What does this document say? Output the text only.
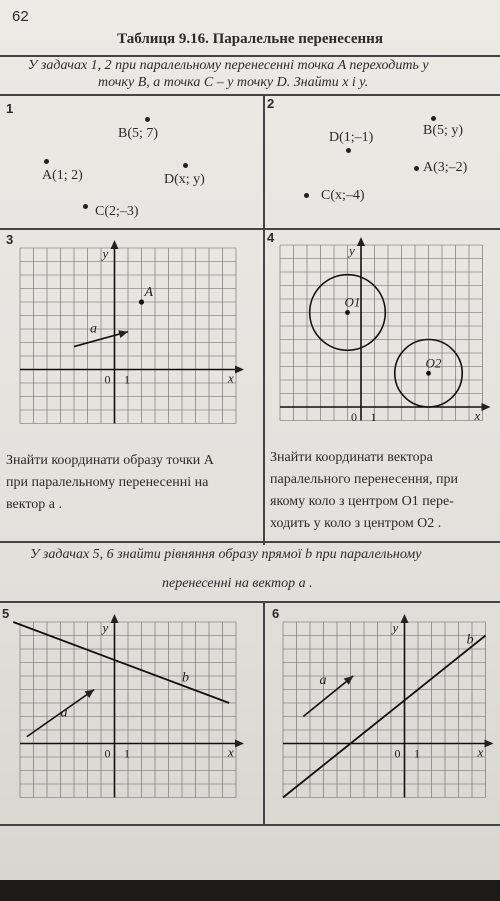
62
Таблиця 9.16. Паралельне перенесення
У задачах 1, 2 при паралельному перенесенні точка A переходить у
точку B, а точка C – у точку D. Знайти x і y.
У задачах 5, 6 знайти рівняння образу прямої b при паралельному
перенесенні на вектор a .
1
B(5; 7)
A(1; 2)	D(x; y)
C(2;–3)
2
D(1;–1)	B(5; y)
A(3;–2)
C(x;–4)
3
y
x
0 1
A
a
Знайти координати образу точки A
при паралельному перенесенні на
вектор a .
4
y
x
0 1
O1
O2
Знайти координати вектора
паралельного перенесення, при
якому коло з центром O1 пере-
ходить у коло з центром O2 .
5
y
x
0 1
b
a
6
y
x
0 1
b
a
